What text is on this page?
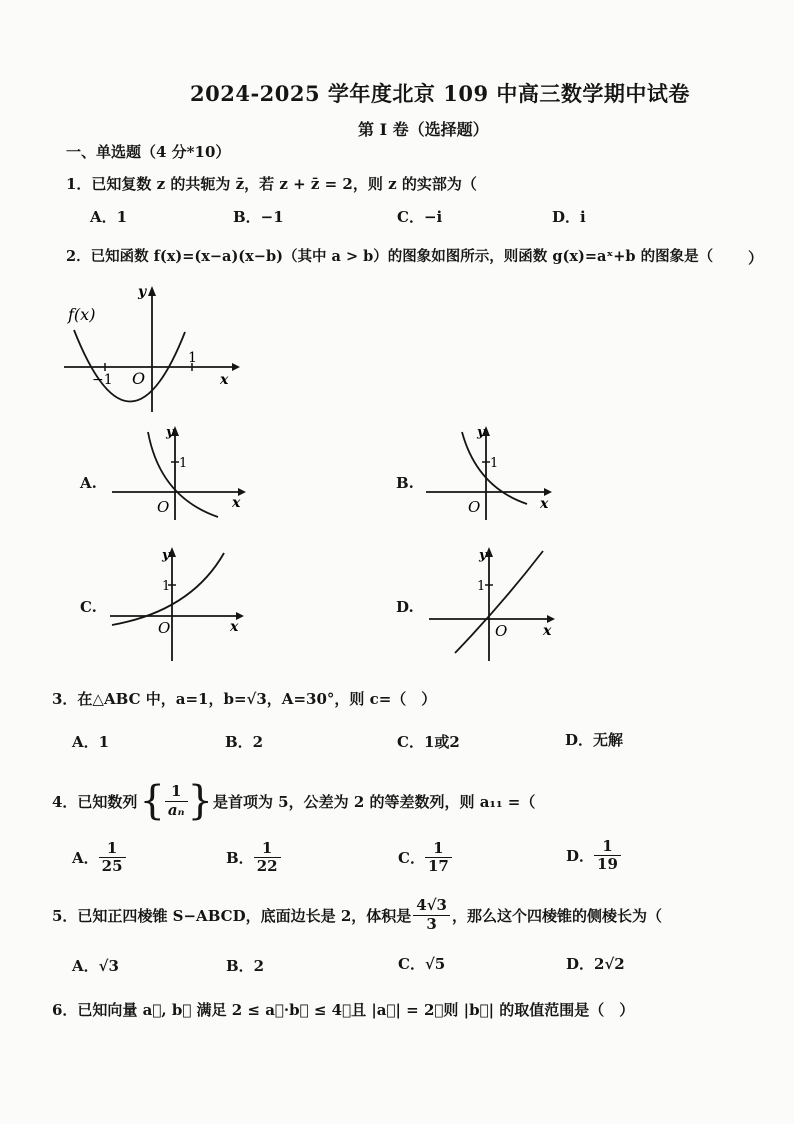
2024-2025 学年度北京 109 中高三数学期中试卷
第 I 卷（选择题）
一、单选题（4 分*10）
1．已知复数 z 的共轭为 z̄，若 z + z̄ = 2，则 z 的实部为（
A．1	B．−1	C．−i	D．i
2．已知函数 f(x)=(x−a)(x−b)（其中 a > b）的图象如图所示，则函数 g(x)=aˣ+b 的图象是（ ）
f(x)
y
x
O
−1
1
A.
y
x
O
1
B.
y
x
O
1
C.
y
x
O
1
D.
y
x
O
1
3．在△ABC 中，a=1，b=√3，A=30°，则 c=（　）
A．1	B．2	C．1或2	D．无解
4．已知数列 { $\frac{1}{\text{aₙ}}$ } 是首项为 5，公差为 2 的等差数列，则 a₁₁ =（
A． $\frac{1}{25}$	B． $\frac{1}{22}$	C． $\frac{1}{17}$	D． $\frac{1}{19}$
5．已知正四棱锥 S−ABCD，底面边长是 2，体积是 $\frac{4√3}{3}$ ，那么这个四棱锥的侧棱长为（
A．√3	B．2	C．√5	D．2√2
6．已知向量 a⃗, b⃗ 满足 2 ≤ a⃗·b⃗ ≤ 4，且 |a⃗| = 2，则 |b⃗| 的取值范围是（　）
